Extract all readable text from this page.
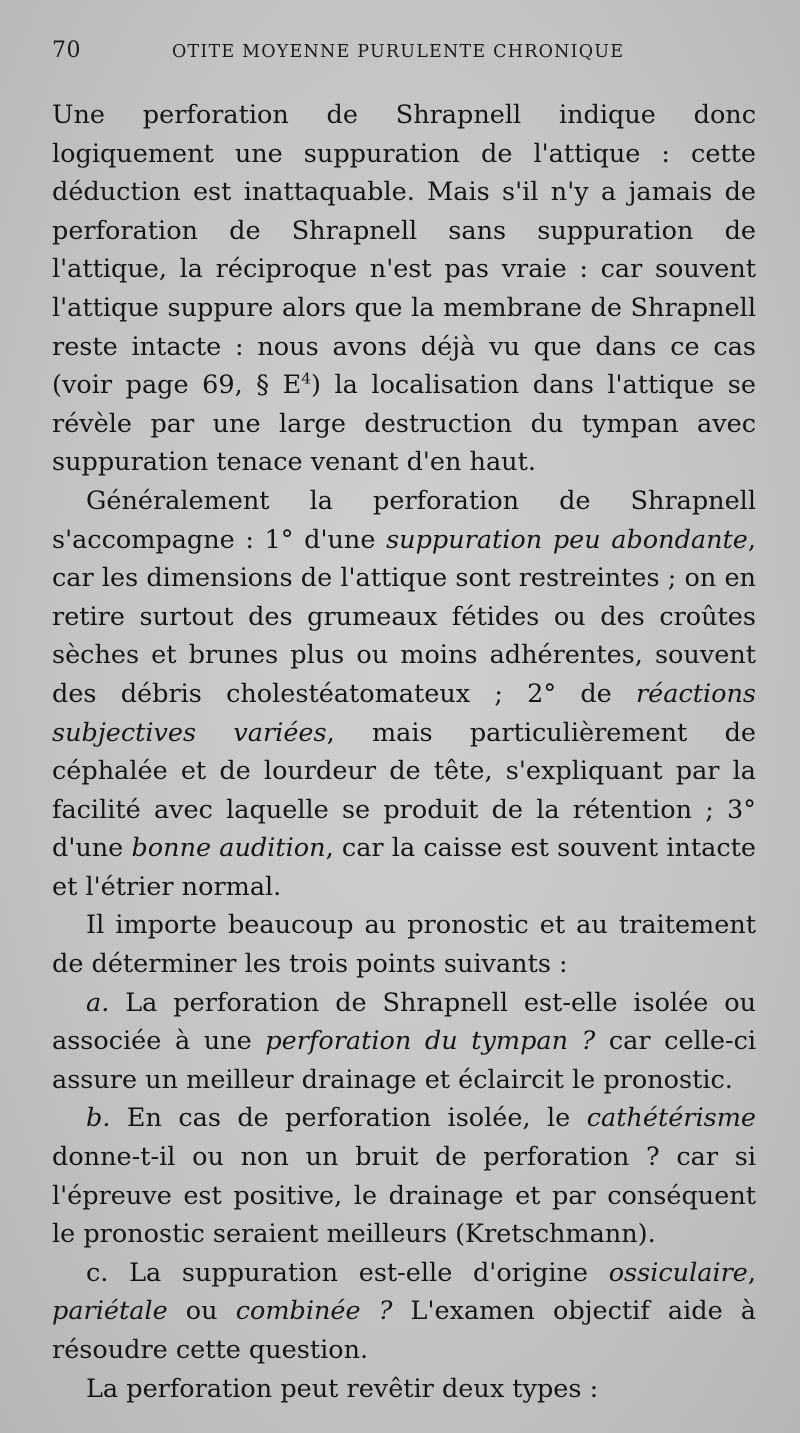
70	OTITE MOYENNE PURULENTE CHRONIQUE

Une perforation de Shrapnell indique donc logiquement une suppuration de l'attique : cette déduction est inattaquable. Mais s'il n'y a jamais de perforation de Shrapnell sans suppuration de l'attique, la réciproque n'est pas vraie : car souvent l'attique suppure alors que la membrane de Shrapnell reste intacte : nous avons déjà vu que dans ce cas (voir page 69, § $E^4$) la localisation dans l'attique se révèle par une large destruction du tympan avec suppuration tenace venant d'en haut.

Généralement la perforation de Shrapnell s'accompagne : 1° d'une suppuration peu abondante, car les dimensions de l'attique sont restreintes ; on en retire surtout des grumeaux fétides ou des croûtes sèches et brunes plus ou moins adhérentes, souvent des débris cholestéatomateux ; 2° de réactions subjectives variées, mais particulièrement de céphalée et de lourdeur de tête, s'expliquant par la facilité avec laquelle se produit de la rétention ; 3° d'une bonne audition, car la caisse est souvent intacte et l'étrier normal.

Il importe beaucoup au pronostic et au traitement de déterminer les trois points suivants :

a. La perforation de Shrapnell est-elle isolée ou associée à une perforation du tympan ? car celle-ci assure un meilleur drainage et éclaircit le pronostic.

b. En cas de perforation isolée, le cathétérisme donne-t-il ou non un bruit de perforation ? car si l'épreuve est positive, le drainage et par conséquent le pronostic seraient meilleurs (Kretschmann).

c. La suppuration est-elle d'origine ossiculaire, pariétale ou combinée ? L'examen objectif aide à résoudre cette question.

La perforation peut revêtir deux types :
